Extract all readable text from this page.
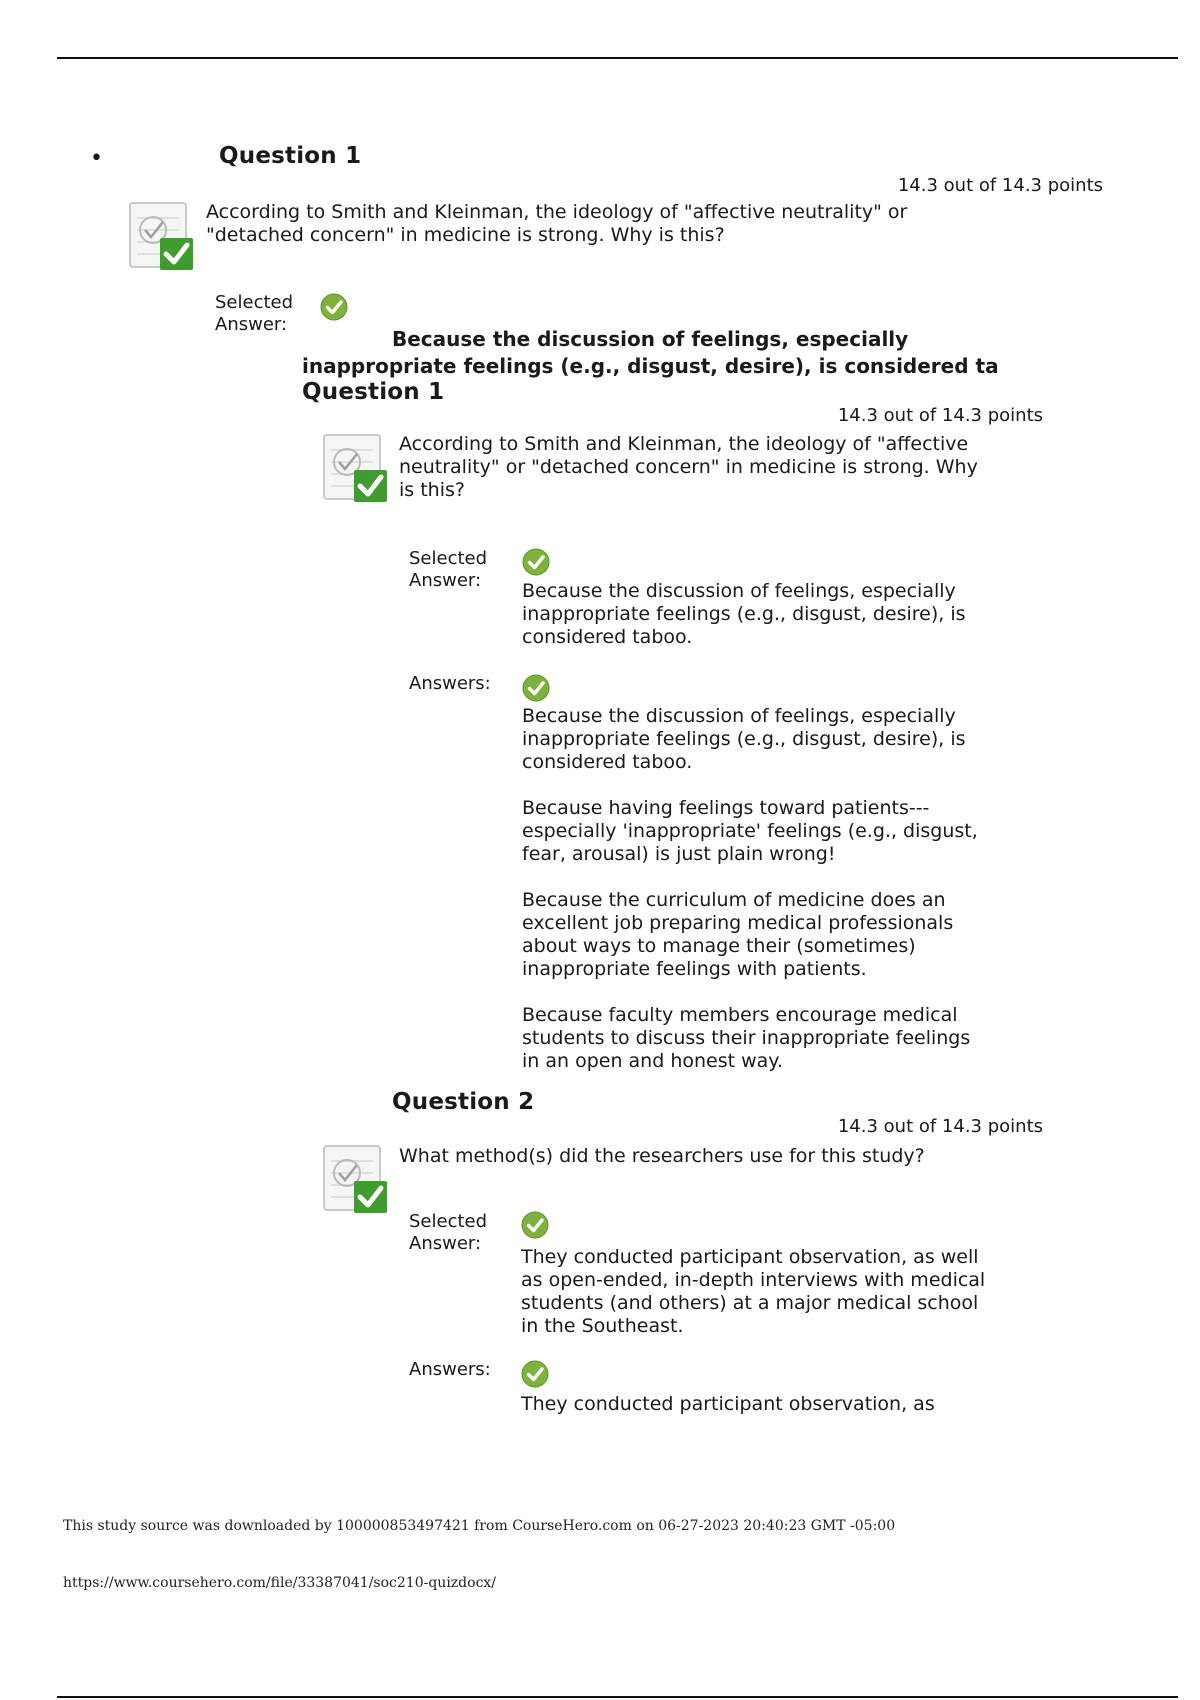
•	Question 1
14.3 out of 14.3 points
According to Smith and Kleinman, the ideology of "affective neutrality" or
"detached concern" in medicine is strong. Why is this?
Selected
Answer:
Because the discussion of feelings, especially
inappropriate feelings (e.g., disgust, desire), is considered ta
Question 1
14.3 out of 14.3 points
According to Smith and Kleinman, the ideology of "affective neutrality" or "detached concern" in medicine is strong. Why is this?
Selected
Answer:	Because the discussion of feelings, especially inappropriate feelings (e.g., disgust, desire), is considered taboo.
Answers:
Because the discussion of feelings, especially inappropriate feelings (e.g., disgust, desire), is considered taboo.
Because having feelings toward patients---especially 'inappropriate' feelings (e.g., disgust, fear, arousal) is just plain wrong!
Because the curriculum of medicine does an excellent job preparing medical professionals about ways to manage their (sometimes) inappropriate feelings with patients.
Because faculty members encourage medical students to discuss their inappropriate feelings in an open and honest way.
Question 2
14.3 out of 14.3 points
What method(s) did the researchers use for this study?
Selected
Answer:
They conducted participant observation, as well as open-ended, in-depth interviews with medical students (and others) at a major medical school in the Southeast.
Answers:
They conducted participant observation, as
This study source was downloaded by 100000853497421 from CourseHero.com on 06-27-2023 20:40:23 GMT -05:00
https://www.coursehero.com/file/33387041/soc210-quizdocx/
